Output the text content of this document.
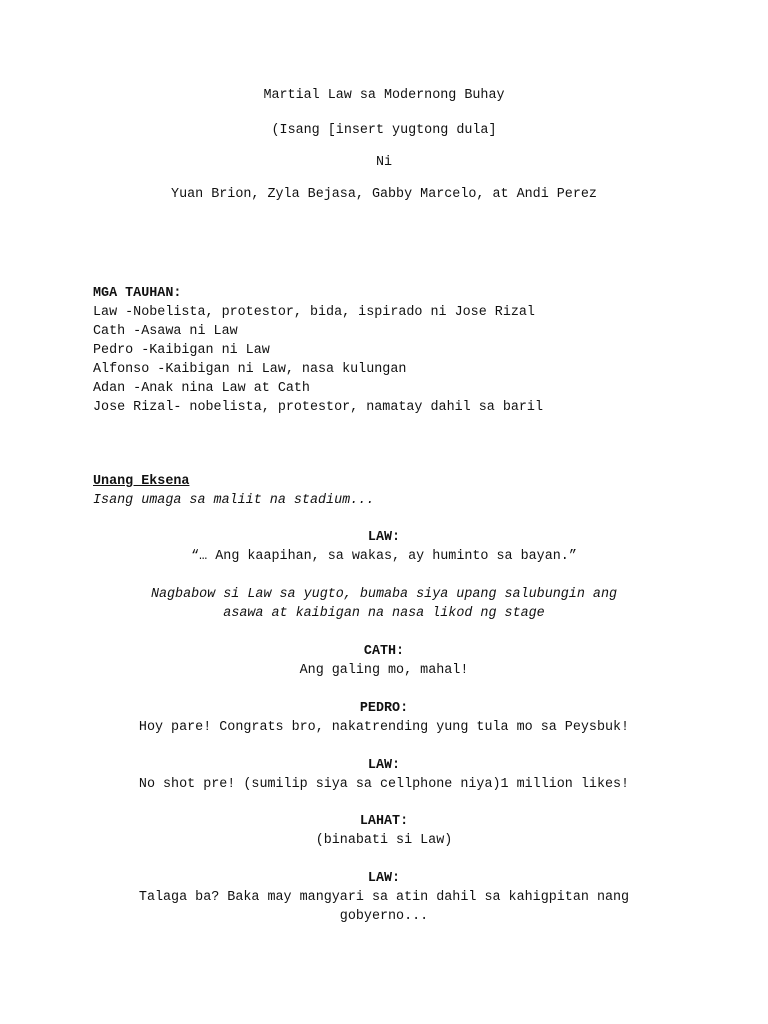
Martial Law sa Modernong Buhay
(Isang [insert yugtong dula]
Ni
Yuan Brion, Zyla Bejasa, Gabby Marcelo, at Andi Perez
MGA TAUHAN:
Law -Nobelista, protestor, bida, ispirado ni Jose Rizal
Cath -Asawa ni Law
Pedro -Kaibigan ni Law
Alfonso -Kaibigan ni Law, nasa kulungan
Adan -Anak nina Law at Cath
Jose Rizal- nobelista, protestor, namatay dahil sa baril
Unang Eksena
Isang umaga sa maliit na stadium...
LAW:
“… Ang kaapihan, sa wakas, ay huminto sa bayan.”
Nagbabow si Law sa yugto, bumaba siya upang salubungin ang
asawa at kaibigan na nasa likod ng stage
CATH:
Ang galing mo, mahal!
PEDRO:
Hoy pare! Congrats bro, nakatrending yung tula mo sa Peysbuk!
LAW:
No shot pre! (sumilip siya sa cellphone niya)1 million likes!
LAHAT:
(binabati si Law)
LAW:
Talaga ba? Baka may mangyari sa atin dahil sa kahigpitan nang
gobyerno...
